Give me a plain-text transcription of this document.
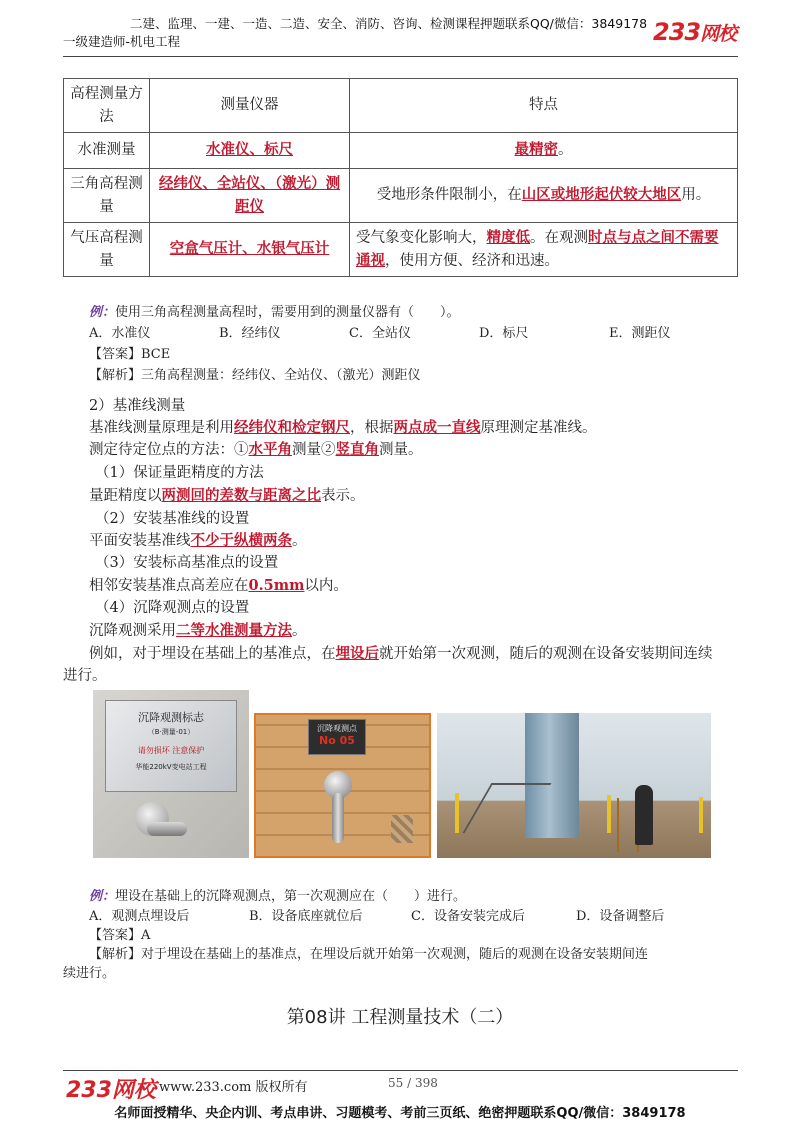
二建、监理、一建、一造、二造、安全、消防、咨询、检测课程押题联系QQ/微信：3849178
一级建造师-机电工程	233网校
高程测量方法	测量仪器	特点
水准测量	水准仪、标尺	最精密。
三角高程测量	经纬仪、全站仪、（激光）测距仪	受地形条件限制小，在山区或地形起伏较大地区用。
气压高程测量	空盒气压计、水银气压计	受气象变化影响大，精度低。在观测时点与点之间不需要通视，使用方便、经济和迅速。
例：使用三角高程测量高程时，需要用到的测量仪器有（　　）。
A．水准仪	B．经纬仪	C．全站仪	D．标尺	E．测距仪
【答案】BCE
【解析】三角高程测量：经纬仪、全站仪、（激光）测距仪
2）基准线测量
基准线测量原理是利用经纬仪和检定钢尺，根据两点成一直线原理测定基准线。
测定待定位点的方法：①水平角测量②竖直角测量。
（1）保证量距精度的方法
量距精度以两测回的差数与距离之比表示。
（2）安装基准线的设置
平面安装基准线不少于纵横两条。
（3）安装标高基准点的设置
相邻安装基准点高差应在0.5mm以内。
（4）沉降观测点的设置
沉降观测采用二等水准测量方法。
例如，对于埋设在基础上的基准点，在埋设后就开始第一次观测，随后的观测在设备安装期间连续
进行。
沉降观测标志
（B·测量-01）
请勿损坏 注意保护
华能220kV变电站工程
沉降观测点
No 05
例：埋设在基础上的沉降观测点，第一次观测应在（　　）进行。
A．观测点埋设后	B．设备底座就位后	C．设备安装完成后	D．设备调整后
【答案】A
【解析】对于埋设在基础上的基准点，在埋设后就开始第一次观测，随后的观测在设备安装期间连
续进行。
第08讲 工程测量技术（二）
233网校 www.233.com 版权所有	55 / 398
名师面授精华、央企内训、考点串讲、习题模考、考前三页纸、绝密押题联系QQ/微信：3849178
